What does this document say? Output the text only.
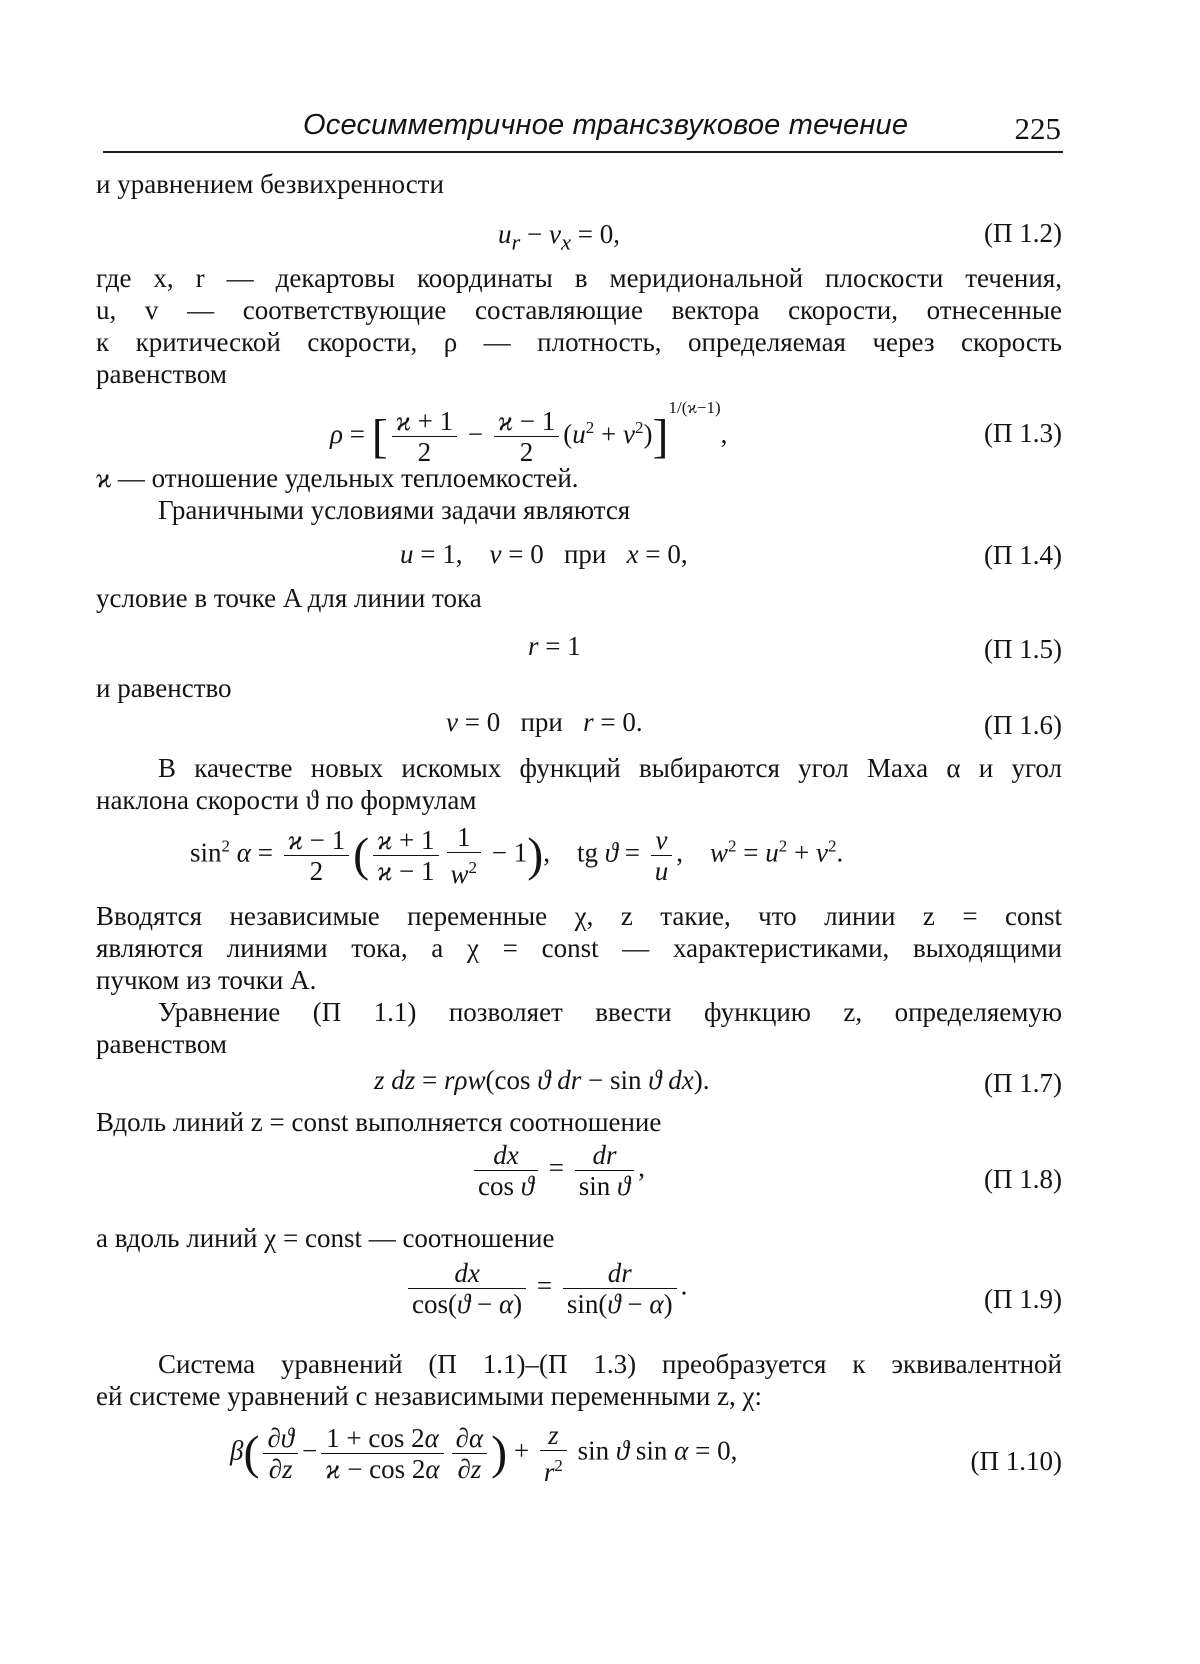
Осесимметричное трансзвуковое течение	225
и уравнением безвихренности
$u_r - v_x = 0$,	(П 1.2)
где x, r — декартовы координаты в меридиональной плоскости течения,
u, v — соответствующие составляющие вектора скорости, отнесенные
к критической скорости, ρ — плотность, определяемая через скорость
равенством
ρ = [ $\frac{ϰ + 1}{2} - \frac{ϰ - 1}{2} (u^2 + v^2)]^{1/(ϰ-1)}$,	(П 1.3)
ϰ — отношение удельных теплоемкостей.
Граничными условиями задачи являются
u = 1,    v = 0   при   x = 0,	(П 1.4)
условие в точке A для линии тока
r = 1	(П 1.5)
и равенство
v = 0   при   r = 0.	(П 1.6)
В качестве новых искомых функций выбираются угол Маха α и угол
наклона скорости ϑ по формулам
$\sin^2 \alpha = \frac{ϰ - 1}{2}$ ( $\frac{ϰ + 1}{ϰ - 1} \frac{1}{w^2} - 1$),    tg $ϑ = \frac{v}{u}$ ,    $w^2 = u^2 + v^2$.
Вводятся независимые переменные χ, z такие, что линии z = const
являются линиями тока, а χ = const — характеристиками, выходящими
пучком из точки A.
Уравнение (П 1.1) позволяет ввести функцию z, определяемую
равенством
z dz = rρw(cos ϑ dr − sin ϑ dx).	(П 1.7)
Вдоль линий z = const выполняется соотношение
$\frac{dx}{\text{cos ϑ}} = \frac{dr}{\text{sin ϑ}}$ ,	(П 1.8)
а вдоль линий χ = const — соотношение
$\frac{dx}{\cos(ϑ - \alpha)} = \frac{dr}{\sin(ϑ - \alpha)}$ .	(П 1.9)
Система уравнений (П 1.1)–(П 1.3) преобразуется к эквивалентной
ей системе уравнений с независимыми переменными z, χ:
$\beta( \frac{\partial ϑ}{\partial z} - \frac{1 + \cos 2\alpha}{ϰ - \cos 2\alpha} \frac{\partial\alpha}{\partial z}$ ) + $\frac{z}{r^2}$ sin ϑ sin α = 0,	(П 1.10)
